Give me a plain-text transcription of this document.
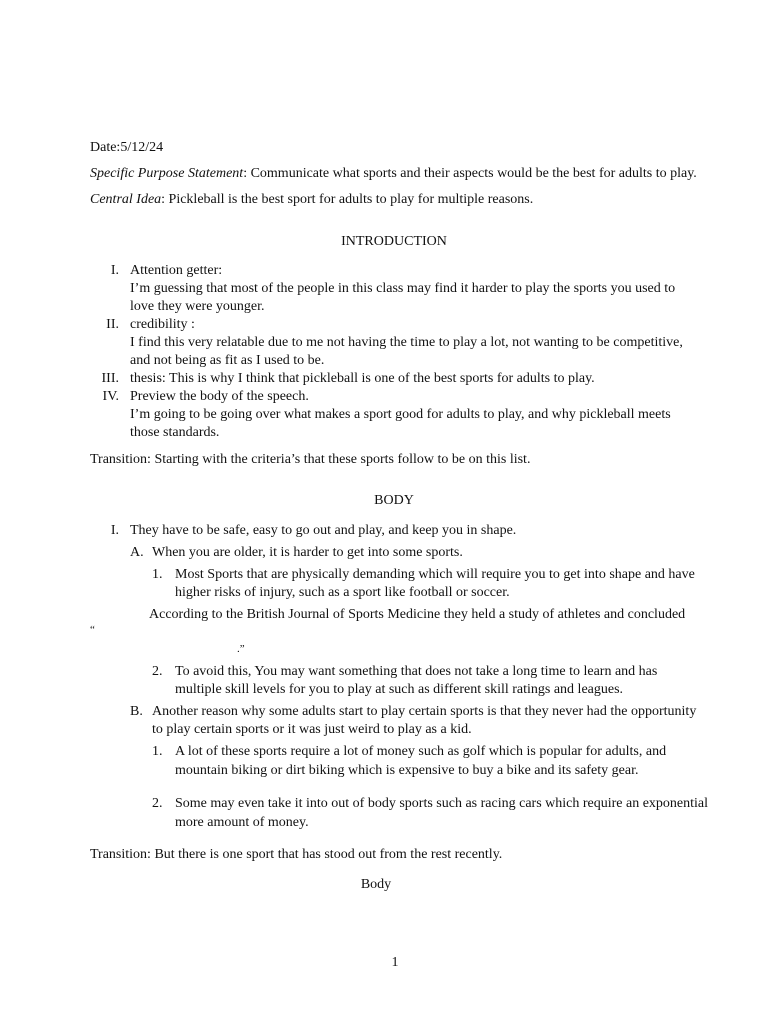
Date:5/12/24
Specific Purpose Statement: Communicate what sports and their aspects would be the best for adults to play.
Central Idea: Pickleball is the best sport for adults to play for multiple reasons.
INTRODUCTION
I. Attention getter:
I’m guessing that most of the people in this class may find it harder to play the sports you used to
love they were younger.
II. credibility :
I find this very relatable due to me not having the time to play a lot, not wanting to be competitive,
and not being as fit as I used to be.
III. thesis: This is why I think that pickleball is one of the best sports for adults to play.
IV. Preview the body of the speech.
I’m going to be going over what makes a sport good for adults to play, and why pickleball meets
those standards.
Transition: Starting with the criteria’s that these sports follow to be on this list.
BODY
I. They have to be safe, easy to go out and play, and keep you in shape.
A. When you are older, it is harder to get into some sports.
1. Most Sports that are physically demanding which will require you to get into shape and have
higher risks of injury, such as a sport like football or soccer.
According to the British Journal of Sports Medicine they held a study of athletes and concluded
“
.”
2. To avoid this, You may want something that does not take a long time to learn and has
multiple skill levels for you to play at such as different skill ratings and leagues.
B. Another reason why some adults start to play certain sports is that they never had the opportunity
to play certain sports or it was just weird to play as a kid.
1. A lot of these sports require a lot of money such as golf which is popular for adults, and
mountain biking or dirt biking which is expensive to buy a bike and its safety gear.
2. Some may even take it into out of body sports such as racing cars which require an exponential
more amount of money.
Transition: But there is one sport that has stood out from the rest recently.
Body
1
